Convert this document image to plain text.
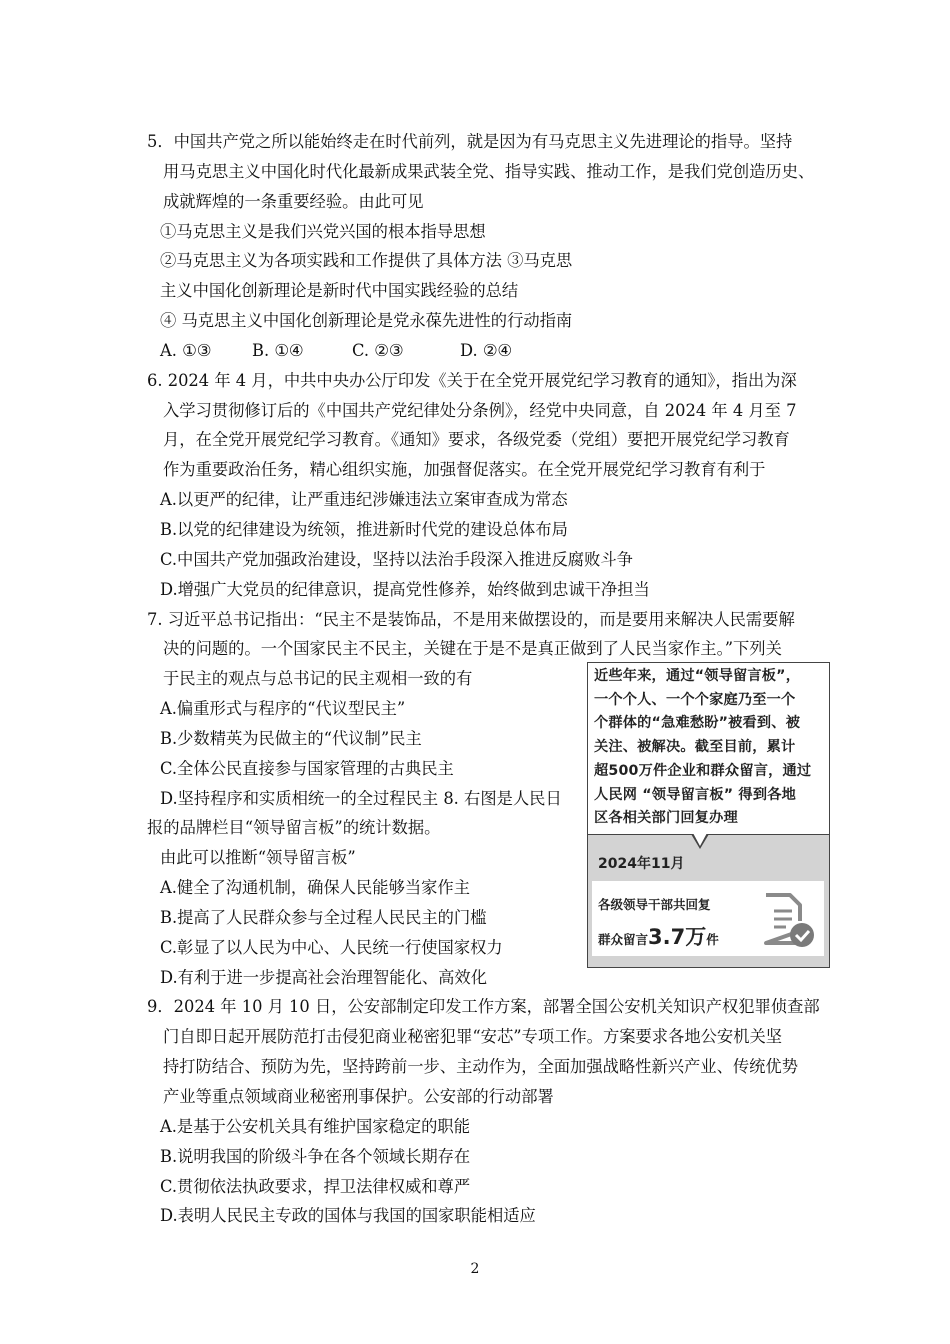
5．中国共产党之所以能始终走在时代前列，就是因为有马克思主义先进理论的指导。坚持
用马克思主义中国化时代化最新成果武装全党、指导实践、推动工作，是我们党创造历史、
成就辉煌的一条重要经验。由此可见
①马克思主义是我们兴党兴国的根本指导思想
②马克思主义为各项实践和工作提供了具体方法 ③马克思
主义中国化创新理论是新时代中国实践经验的总结
④ 马克思主义中国化创新理论是党永葆先进性的行动指南
A. ①③ B. ①④	C. ②③	D. ②④
6. 2024 年 4 月，中共中央办公厅印发《关于在全党开展党纪学习教育的通知》，指出为深
入学习贯彻修订后的《中国共产党纪律处分条例》，经党中央同意，自 2024 年 4 月至 7
月，在全党开展党纪学习教育。《通知》要求，各级党委（党组）要把开展党纪学习教育
作为重要政治任务，精心组织实施，加强督促落实。在全党开展党纪学习教育有利于
A.以更严的纪律，让严重违纪涉嫌违法立案审查成为常态
B.以党的纪律建设为统领，推进新时代党的建设总体布局
C.中国共产党加强政治建设，坚持以法治手段深入推进反腐败斗争
D.增强广大党员的纪律意识，提高党性修养，始终做到忠诚干净担当
7. 习近平总书记指出：“民主不是装饰品，不是用来做摆设的，而是要用来解决人民需要解
决的问题的。一个国家民主不民主，关键在于是不是真正做到了人民当家作主。”下列关
于民主的观点与总书记的民主观相一致的有
A.偏重形式与程序的“代议型民主”
B.少数精英为民做主的“代议制”民主
C.全体公民直接参与国家管理的古典民主
D.坚持程序和实质相统一的全过程民主 8. 右图是人民日
报的品牌栏目“领导留言板”的统计数据。
由此可以推断“领导留言板”
A.健全了沟通机制，确保人民能够当家作主
B.提高了人民群众参与全过程人民民主的门槛
C.彰显了以人民为中心、人民统一行使国家权力
D.有利于进一步提高社会治理智能化、高效化
9．2024 年 10 月 10 日，公安部制定印发工作方案，部署全国公安机关知识产权犯罪侦查部
门自即日起开展防范打击侵犯商业秘密犯罪“安芯”专项工作。方案要求各地公安机关坚
持打防结合、预防为先，坚持跨前一步、主动作为，全面加强战略性新兴产业、传统优势
产业等重点领域商业秘密刑事保护。公安部的行动部署
A.是基于公安机关具有维护国家稳定的职能
B.说明我国的阶级斗争在各个领域长期存在
C.贯彻依法执政要求，捍卫法律权威和尊严
D.表明人民民主专政的国体与我国的国家职能相适应
近些年来，通过“领导留言板”，
一个个人、一个个家庭乃至一个
个群体的“急难愁盼”被看到、被
关注、被解决。截至目前，累计
超500万件企业和群众留言，通过
人民网 “领导留言板” 得到各地
区各相关部门回复办理
2024年11月
各级领导干部共回复
群众留言3.7万件
2
